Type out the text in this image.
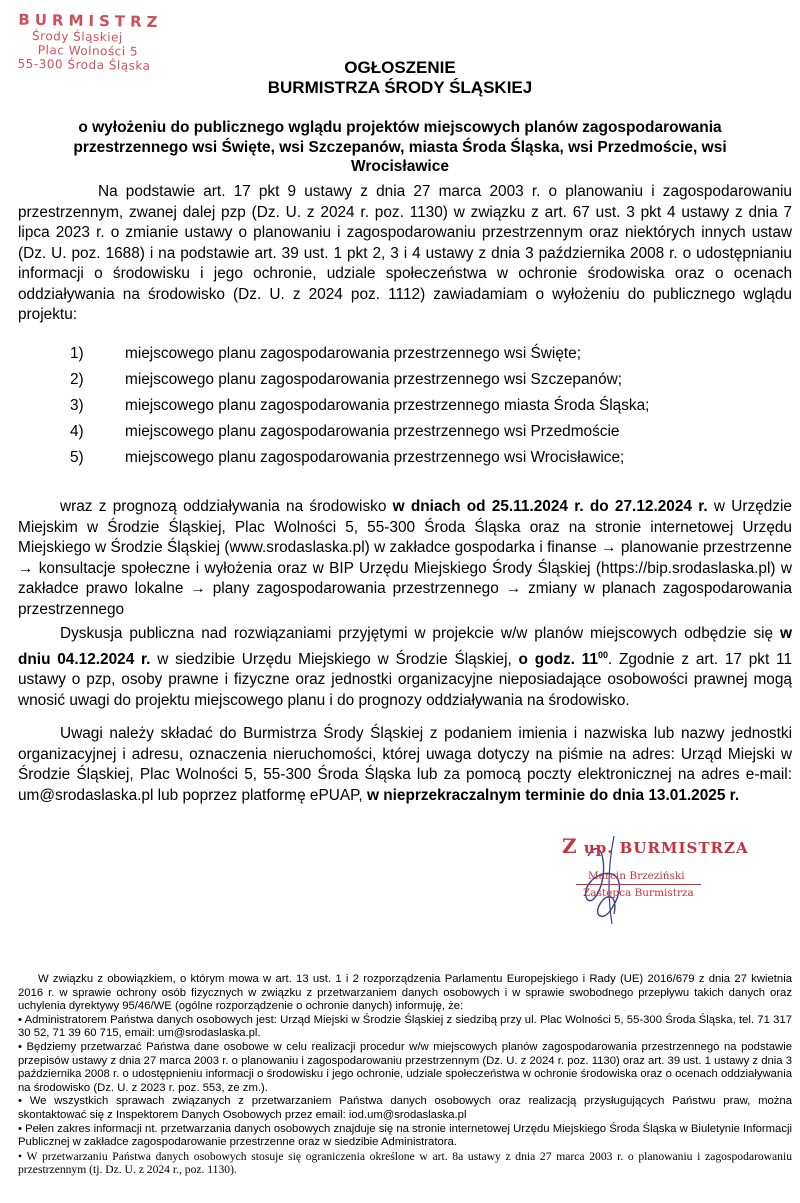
BURMISTRZ
Środy Śląskiej
Plac Wolności 5
55-300 Środa Śląska	OGŁOSZENIE
BURMISTRZA ŚRODY ŚLĄSKIEJ
o wyłożeniu do publicznego wglądu projektów miejscowych planów zagospodarowania przestrzennego wsi Święte, wsi Szczepanów, miasta Środa Śląska, wsi Przedmoście, wsi Wrocisławice
Na podstawie art. 17 pkt 9 ustawy z dnia 27 marca 2003 r. o planowaniu i zagospodarowaniu przestrzennym, zwanej dalej pzp (Dz. U. z 2024 r. poz. 1130) w związku z art. 67 ust. 3 pkt 4 ustawy z dnia 7 lipca 2023 r. o zmianie ustawy o planowaniu i zagospodarowaniu przestrzennym oraz niektórych innych ustaw (Dz. U. poz. 1688) i na podstawie art. 39 ust. 1 pkt 2, 3 i 4 ustawy z dnia 3 października 2008 r. o udostępnianiu informacji o środowisku i jego ochronie, udziale społeczeństwa w ochronie środowiska oraz o ocenach oddziaływania na środowisko (Dz. U. z 2024 poz. 1112) zawiadamiam o wyłożeniu do publicznego wglądu projektu:
1)	miejscowego planu zagospodarowania przestrzennego wsi Święte;
2)	miejscowego planu zagospodarowania przestrzennego wsi Szczepanów;
3)	miejscowego planu zagospodarowania przestrzennego miasta Środa Śląska;
4)	miejscowego planu zagospodarowania przestrzennego wsi Przedmoście
5)	miejscowego planu zagospodarowania przestrzennego wsi Wrocisławice;
wraz z prognozą oddziaływania na środowisko w dniach od 25.11.2024 r. do 27.12.2024 r. w Urzędzie Miejskim w Środzie Śląskiej, Plac Wolności 5, 55-300 Środa Śląska oraz na stronie internetowej Urzędu Miejskiego w Środzie Śląskiej (www.srodaslaska.pl) w zakładce gospodarka i finanse → planowanie przestrzenne → konsultacje społeczne i wyłożenia oraz w BIP Urzędu Miejskiego Środy Śląskiej (https://bip.srodaslaska.pl) w zakładce prawo lokalne → plany zagospodarowania przestrzennego → zmiany w planach zagospodarowania przestrzennego
Dyskusja publiczna nad rozwiązaniami przyjętymi w projekcie w/w planów miejscowych odbędzie się w dniu 04.12.2024 r. w siedzibie Urzędu Miejskiego w Środzie Śląskiej, o godz. $11^{00}$. Zgodnie z art. 17 pkt 11 ustawy o pzp, osoby prawne i fizyczne oraz jednostki organizacyjne nieposiadające osobowości prawnej mogą wnosić uwagi do projektu miejscowego planu i do prognozy oddziaływania na środowisko.
Uwagi należy składać do Burmistrza Środy Śląskiej z podaniem imienia i nazwiska lub nazwy jednostki organizacyjnej i adresu, oznaczenia nieruchomości, której uwaga dotyczy na piśmie na adres: Urząd Miejski w Środzie Śląskiej, Plac Wolności 5, 55-300 Środa Śląska lub za pomocą poczty elektronicznej na adres e-mail: um@srodaslaska.pl lub poprzez platformę ePUAP, w nieprzekraczalnym terminie do dnia 13.01.2025 r.
Z up. BURMISTRZA
Marcin Brzeziński
Zastępca Burmistrza

W związku z obowiązkiem, o którym mowa w art. 13 ust. 1 i 2 rozporządzenia Parlamentu Europejskiego i Rady (UE) 2016/679 z dnia 27 kwietnia 2016 r. w sprawie ochrony osób fizycznych w związku z przetwarzaniem danych osobowych i w sprawie swobodnego przepływu takich danych oraz uchylenia dyrektywy 95/46/WE (ogólne rozporządzenie o ochronie danych) informuję, że:

• Administratorem Państwa danych osobowych jest: Urząd Miejski w Środzie Śląskiej z siedzibą przy ul. Plac Wolności 5, 55-300 Środa Śląska, tel. 71 317 30 52, 71 39 60 715, email: um@srodaslaska.pl.

• Będziemy przetwarzać Państwa dane osobowe w celu realizacji procedur w/w miejscowych planów zagospodarowania przestrzennego na podstawie przepisów ustawy z dnia 27 marca 2003 r. o planowaniu i zagospodarowaniu przestrzennym (Dz. U. z 2024 r. poz. 1130) oraz art. 39 ust. 1 ustawy z dnia 3 października 2008 r. o udostępnieniu informacji o środowisku i jego ochronie, udziale społeczeństwa w ochronie środowiska oraz o ocenach oddziaływania na środowisko (Dz. U. z 2023 r. poz. 553, ze zm.).

• We wszystkich sprawach związanych z przetwarzaniem Państwa danych osobowych oraz realizacją przysługujących Państwu praw, można skontaktować się z Inspektorem Danych Osobowych przez email: iod.um@srodaslaska.pl

• Pełen zakres informacji nt. przetwarzania danych osobowych znajduje się na stronie internetowej Urzędu Miejskiego Środa Śląska w Biuletynie Informacji Publicznej w zakładce zagospodarowanie przestrzenne oraz w siedzibie Administratora.

• W przetwarzaniu Państwa danych osobowych stosuje się ograniczenia określone w art. 8a ustawy z dnia 27 marca 2003 r. o planowaniu i zagospodarowaniu przestrzennym (tj. Dz. U. z 2024 r., poz. 1130).
